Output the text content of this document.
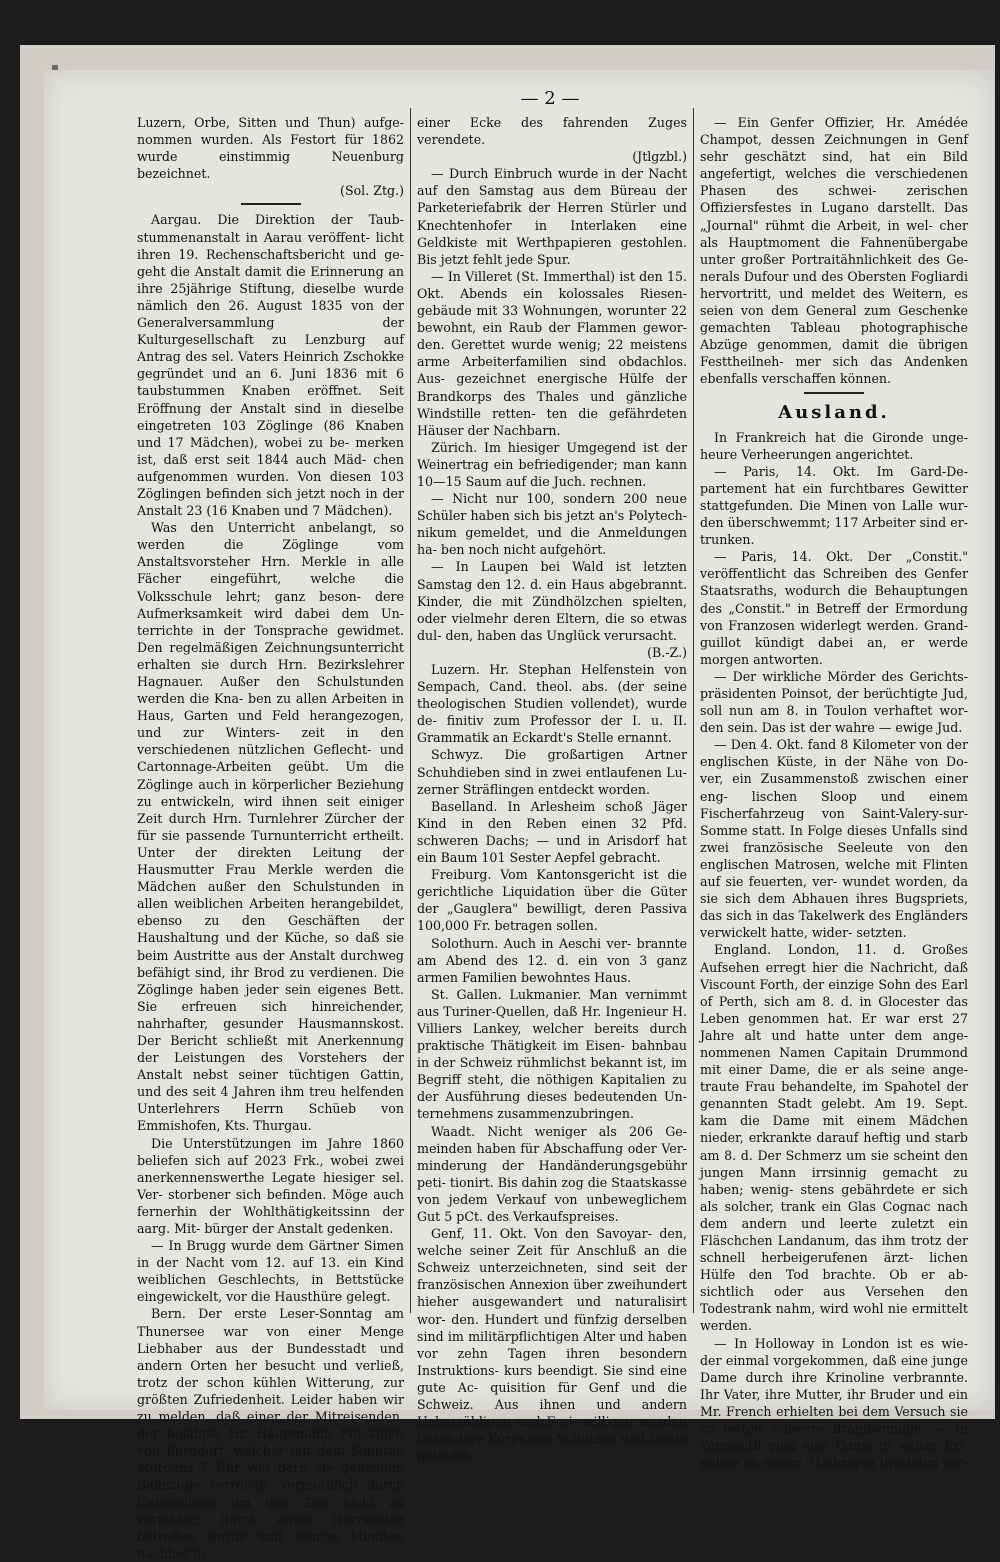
— 2 —

Luzern, Orbe, Sitten und Thun) aufge- nommen wurden. Als Festort für 1862 wurde einstimmig Neuenburg bezeichnet.

(Sol. Ztg.)

Aargau. Die Direktion der Taub- stummenanstalt in Aarau veröffent- licht ihren 19. Rechenschaftsbericht und ge- geht die Anstalt damit die Erinnerung an ihre 25jährige Stiftung, dieselbe wurde nämlich den 26. August 1835 von der Generalversammlung der Kulturgesellschaft zu Lenzburg auf Antrag des sel. Vaters Heinrich Zschokke gegründet und an 6. Juni 1836 mit 6 taubstummen Knaben eröffnet. Seit Eröffnung der Anstalt sind in dieselbe eingetreten 103 Zöglinge (86 Knaben und 17 Mädchen), wobei zu be- merken ist, daß erst seit 1844 auch Mäd- chen aufgenommen wurden. Von diesen 103 Zöglingen befinden sich jetzt noch in der Anstalt 23 (16 Knaben und 7 Mädchen).

Was den Unterricht anbelangt, so werden die Zöglinge vom Anstaltsvorsteher Hrn. Merkle in alle Fächer eingeführt, welche die Volksschule lehrt; ganz beson- dere Aufmerksamkeit wird dabei dem Un- terrichte in der Tonsprache gewidmet. Den regelmäßigen Zeichnungsunterricht erhalten sie durch Hrn. Bezirkslehrer Hagnauer. Außer den Schulstunden werden die Kna- ben zu allen Arbeiten in Haus, Garten und Feld herangezogen, und zur Winters- zeit in den verschiedenen nützlichen Geflecht- und Cartonnage-Arbeiten geübt. Um die Zöglinge auch in körperlicher Beziehung zu entwickeln, wird ihnen seit einiger Zeit durch Hrn. Turnlehrer Zürcher der für sie passende Turnunterricht ertheilt. Unter der direkten Leitung der Hausmutter Frau Merkle werden die Mädchen außer den Schulstunden in allen weiblichen Arbeiten herangebildet, ebenso zu den Geschäften der Haushaltung und der Küche, so daß sie beim Austritte aus der Anstalt durchweg befähigt sind, ihr Brod zu verdienen. Die Zöglinge haben jeder sein eigenes Bett. Sie erfreuen sich hinreichender, nahrhafter, gesunder Hausmannskost. Der Bericht schließt mit Anerkennung der Leistungen des Vorstehers der Anstalt nebst seiner tüchtigen Gattin, und des seit 4 Jahren ihm treu helfenden Unterlehrers Herrn Schüeb von Emmishofen, Kts. Thurgau.

Die Unterstützungen im Jahre 1860 beliefen sich auf 2023 Frk., wobei zwei anerkennenswerthe Legate hiesiger sel. Ver- storbener sich befinden. Möge auch fernerhin der Wohlthätigkeitssinn der aarg. Mit- bürger der Anstalt gedenken.

— In Brugg wurde dem Gärtner Simen in der Nacht vom 12. auf 13. ein Kind weiblichen Geschlechts, in Bettstücke eingewickelt, vor die Hausthüre gelegt.

Bern. Der erste Leser-Sonntag am Thunersee war von einer Menge Liebhaber aus der Bundesstadt und andern Orten her besucht und verließ, trotz der schon kühlen Witterung, zur größten Zufriedenheit. Leider haben wir zu melden, daß einer der Mitreisenden, der bejahrte Hr. Hauptmann Flückiger, von Burgdorf, welcher mit dem Sonntag Morgens 7 Uhr von Bern ab- gehenden Bahnzuge verreiste, vermuthlich durch Uebereilung um den Zug nicht zu verfehlen, durch einen Herzschlag betroffen wurde und wenige Minuten nachher in

einer Ecke des fahrenden Zuges verendete.

(Jtlgzbl.)

— Durch Einbruch wurde in der Nacht auf den Samstag aus dem Büreau der Parketeriefabrik der Herren Stürler und Knechtenhofer in Interlaken eine Geldkiste mit Werthpapieren gestohlen. Bis jetzt fehlt jede Spur.

— In Villeret (St. Immerthal) ist den 15. Okt. Abends ein kolossales Riesen- gebäude mit 33 Wohnungen, worunter 22 bewohnt, ein Raub der Flammen gewor- den. Gerettet wurde wenig; 22 meistens arme Arbeiterfamilien sind obdachlos. Aus- gezeichnet energische Hülfe der Brandkorps des Thales und gänzliche Windstille retten- ten die gefährdeten Häuser der Nachbarn.

Zürich. Im hiesiger Umgegend ist der Weinertrag ein befriedigender; man kann 10—15 Saum auf die Juch. rechnen.

— Nicht nur 100, sondern 200 neue Schüler haben sich bis jetzt an's Polytech- nikum gemeldet, und die Anmeldungen ha- ben noch nicht aufgehört.

— In Laupen bei Wald ist letzten Samstag den 12. d. ein Haus abgebrannt. Kinder, die mit Zündhölzchen spielten, oder vielmehr deren Eltern, die so etwas dul- den, haben das Unglück verursacht.

(B.-Z.)

Luzern. Hr. Stephan Helfenstein von Sempach, Cand. theol. abs. (der seine theologischen Studien vollendet), wurde de- finitiv zum Professor der I. u. II. Grammatik an Eckardt's Stelle ernannt.

Schwyz. Die großartigen Artner Schuhdieben sind in zwei entlaufenen Lu- zerner Sträflingen entdeckt worden.

Baselland. In Arlesheim schoß Jäger Kind in den Reben einen 32 Pfd. schweren Dachs; — und in Arisdorf hat ein Baum 101 Sester Aepfel gebracht.

Freiburg. Vom Kantonsgericht ist die gerichtliche Liquidation über die Güter der „Gauglera" bewilligt, deren Passiva 100,000 Fr. betragen sollen.

Solothurn. Auch in Aeschi ver- brannte am Abend des 12. d. ein von 3 ganz armen Familien bewohntes Haus.

St. Gallen. Lukmanier. Man vernimmt aus Turiner-Quellen, daß Hr. Ingenieur H. Villiers Lankey, welcher bereits durch praktische Thätigkeit im Eisen- bahnbau in der Schweiz rühmlichst bekannt ist, im Begriff steht, die nöthigen Kapitalien zu der Ausführung dieses bedeutenden Un- ternehmens zusammenzubringen.

Waadt. Nicht weniger als 206 Ge- meinden haben für Abschaffung oder Ver- minderung der Handänderungsgebühr peti- tionirt. Bis dahin zog die Staatskasse von jedem Verkauf von unbeweglichem Gut 5 pCt. des Verkaufspreises.

Genf, 11. Okt. Von den Savoyar- den, welche seiner Zeit für Anschluß an die Schweiz unterzeichneten, sind seit der französischen Annexion über zweihundert hieher ausgewandert und naturalisirt wor- den. Hundert und fünfzig derselben sind im militärpflichtigen Alter und haben vor zehn Tagen ihren besondern Instruktions- kurs beendigt. Sie sind eine gute Ac- quisition für Genf und die Schweiz. Aus ihnen und andern Ueberzähligen und Frei- willigen werden besondere Korps von Schützen und Genie gebildet.

— Ein Genfer Offizier, Hr. Amédée Champot, dessen Zeichnungen in Genf sehr geschätzt sind, hat ein Bild angefertigt, welches die verschiedenen Phasen des schwei- zerischen Offiziersfestes in Lugano darstellt. Das „Journal" rühmt die Arbeit, in wel- cher als Hauptmoment die Fahnenübergabe unter großer Portraitähnlichkeit des Ge- nerals Dufour und des Obersten Fogliardi hervortritt, und meldet des Weitern, es seien von dem General zum Geschenke gemachten Tableau photographische Abzüge genommen, damit die übrigen Festtheilneh- mer sich das Andenken ebenfalls verschaffen können.

Ausland.

In Frankreich hat die Gironde unge- heure Verheerungen angerichtet.

— Paris, 14. Okt. Im Gard-De- partement hat ein furchtbares Gewitter stattgefunden. Die Minen von Lalle wur- den überschwemmt; 117 Arbeiter sind er- trunken.

— Paris, 14. Okt. Der „Constit." veröffentlicht das Schreiben des Genfer Staatsraths, wodurch die Behauptungen des „Constit." in Betreff der Ermordung von Franzosen widerlegt werden. Grand- guillot kündigt dabei an, er werde morgen antworten.

— Der wirkliche Mörder des Gerichts- präsidenten Poinsot, der berüchtigte Jud, soll nun am 8. in Toulon verhaftet wor- den sein. Das ist der wahre — ewige Jud.

— Den 4. Okt. fand 8 Kilometer von der englischen Küste, in der Nähe von Do- ver, ein Zusammenstoß zwischen einer eng- lischen Sloop und einem Fischerfahrzeug von Saint-Valery-sur-Somme statt. In Folge dieses Unfalls sind zwei französische Seeleute von den englischen Matrosen, welche mit Flinten auf sie feuerten, ver- wundet worden, da sie sich dem Abhauen ihres Bugspriets, das sich in das Takelwerk des Engländers verwickelt hatte, wider- setzten.

England. London, 11. d. Großes Aufsehen erregt hier die Nachricht, daß Viscount Forth, der einzige Sohn des Earl of Perth, sich am 8. d. in Glocester das Leben genommen hat. Er war erst 27 Jahre alt und hatte unter dem ange- nommenen Namen Capitain Drummond mit einer Dame, die er als seine ange- traute Frau behandelte, im Spahotel der genannten Stadt gelebt. Am 19. Sept. kam die Dame mit einem Mädchen nieder, erkrankte darauf heftig und starb am 8. d. Der Schmerz um sie scheint den jungen Mann irrsinnig gemacht zu haben; wenig- stens gebährdete er sich als solcher, trank ein Glas Cognac nach dem andern und leerte zuletzt ein Fläschchen Landanum, das ihm trotz der schnell herbeigerufenen ärzt- lichen Hülfe den Tod brachte. Ob er ab- sichtlich oder aus Versehen den Todestrank nahm, wird wohl nie ermittelt werden.

— In Holloway in London ist es wie- der einmal vorgekommen, daß eine junge Dame durch ihre Krinoline verbrannte. Ihr Vater, ihre Mutter, ihr Bruder und ein Mr. French erhielten bei dem Versuch sie zu retten schwere Brandwunden. — In Yarmouth ging eine Dame in weiter Kri- noline an einem 71jährigen Invaliden vor-
